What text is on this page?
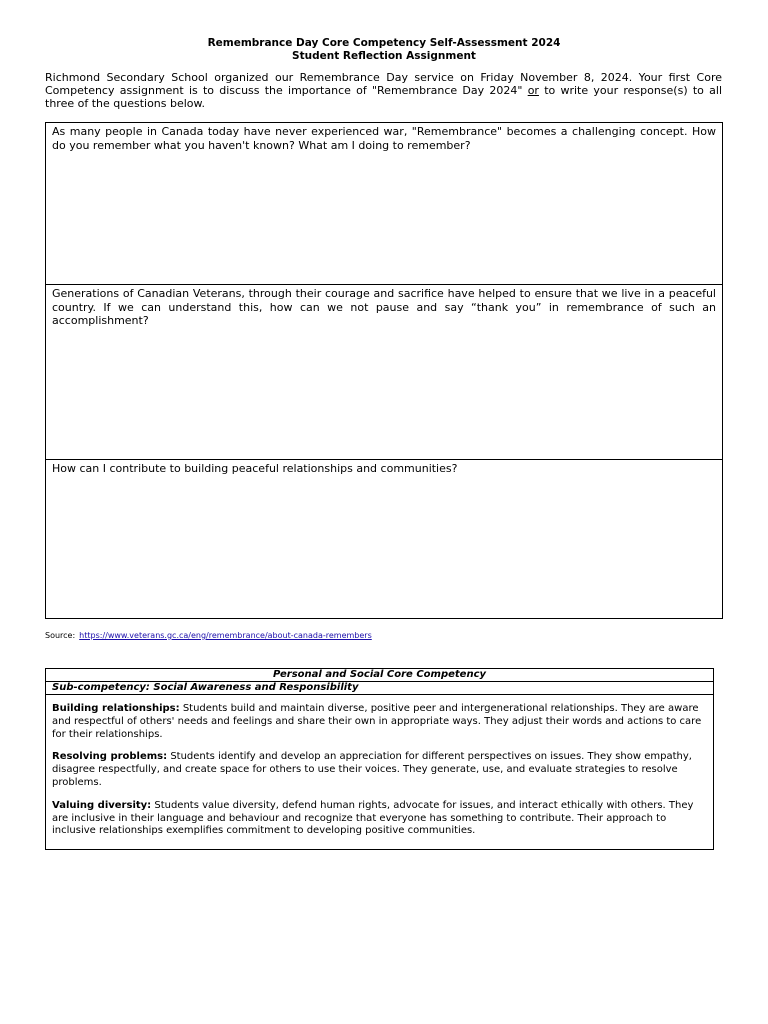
Remembrance Day Core Competency Self-Assessment 2024
Student Reflection Assignment
Richmond Secondary School organized our Remembrance Day service on Friday November 8, 2024. Your first Core Competency assignment is to discuss the importance of "Remembrance Day 2024" or to write your response(s) to all three of the questions below.
As many people in Canada today have never experienced war, "Remembrance" becomes a challenging concept. How do you remember what you haven't known? What am I doing to remember?
Generations of Canadian Veterans, through their courage and sacrifice have helped to ensure that we live in a peaceful country. If we can understand this, how can we not pause and say “thank you” in remembrance of such an accomplishment?
How can I contribute to building peaceful relationships and communities?
Source: https://www.veterans.gc.ca/eng/remembrance/about-canada-remembers
Personal and Social Core Competency
Sub-competency: Social Awareness and Responsibility

Building relationships: Students build and maintain diverse, positive peer and intergenerational relationships. They are aware and respectful of others' needs and feelings and share their own in appropriate ways. They adjust their words and actions to care for their relationships.

Resolving problems: Students identify and develop an appreciation for different perspectives on issues. They show empathy, disagree respectfully, and create space for others to use their voices. They generate, use, and evaluate strategies to resolve problems.

Valuing diversity: Students value diversity, defend human rights, advocate for issues, and interact ethically with others. They are inclusive in their language and behaviour and recognize that everyone has something to contribute. Their approach to inclusive relationships exemplifies commitment to developing positive communities.
